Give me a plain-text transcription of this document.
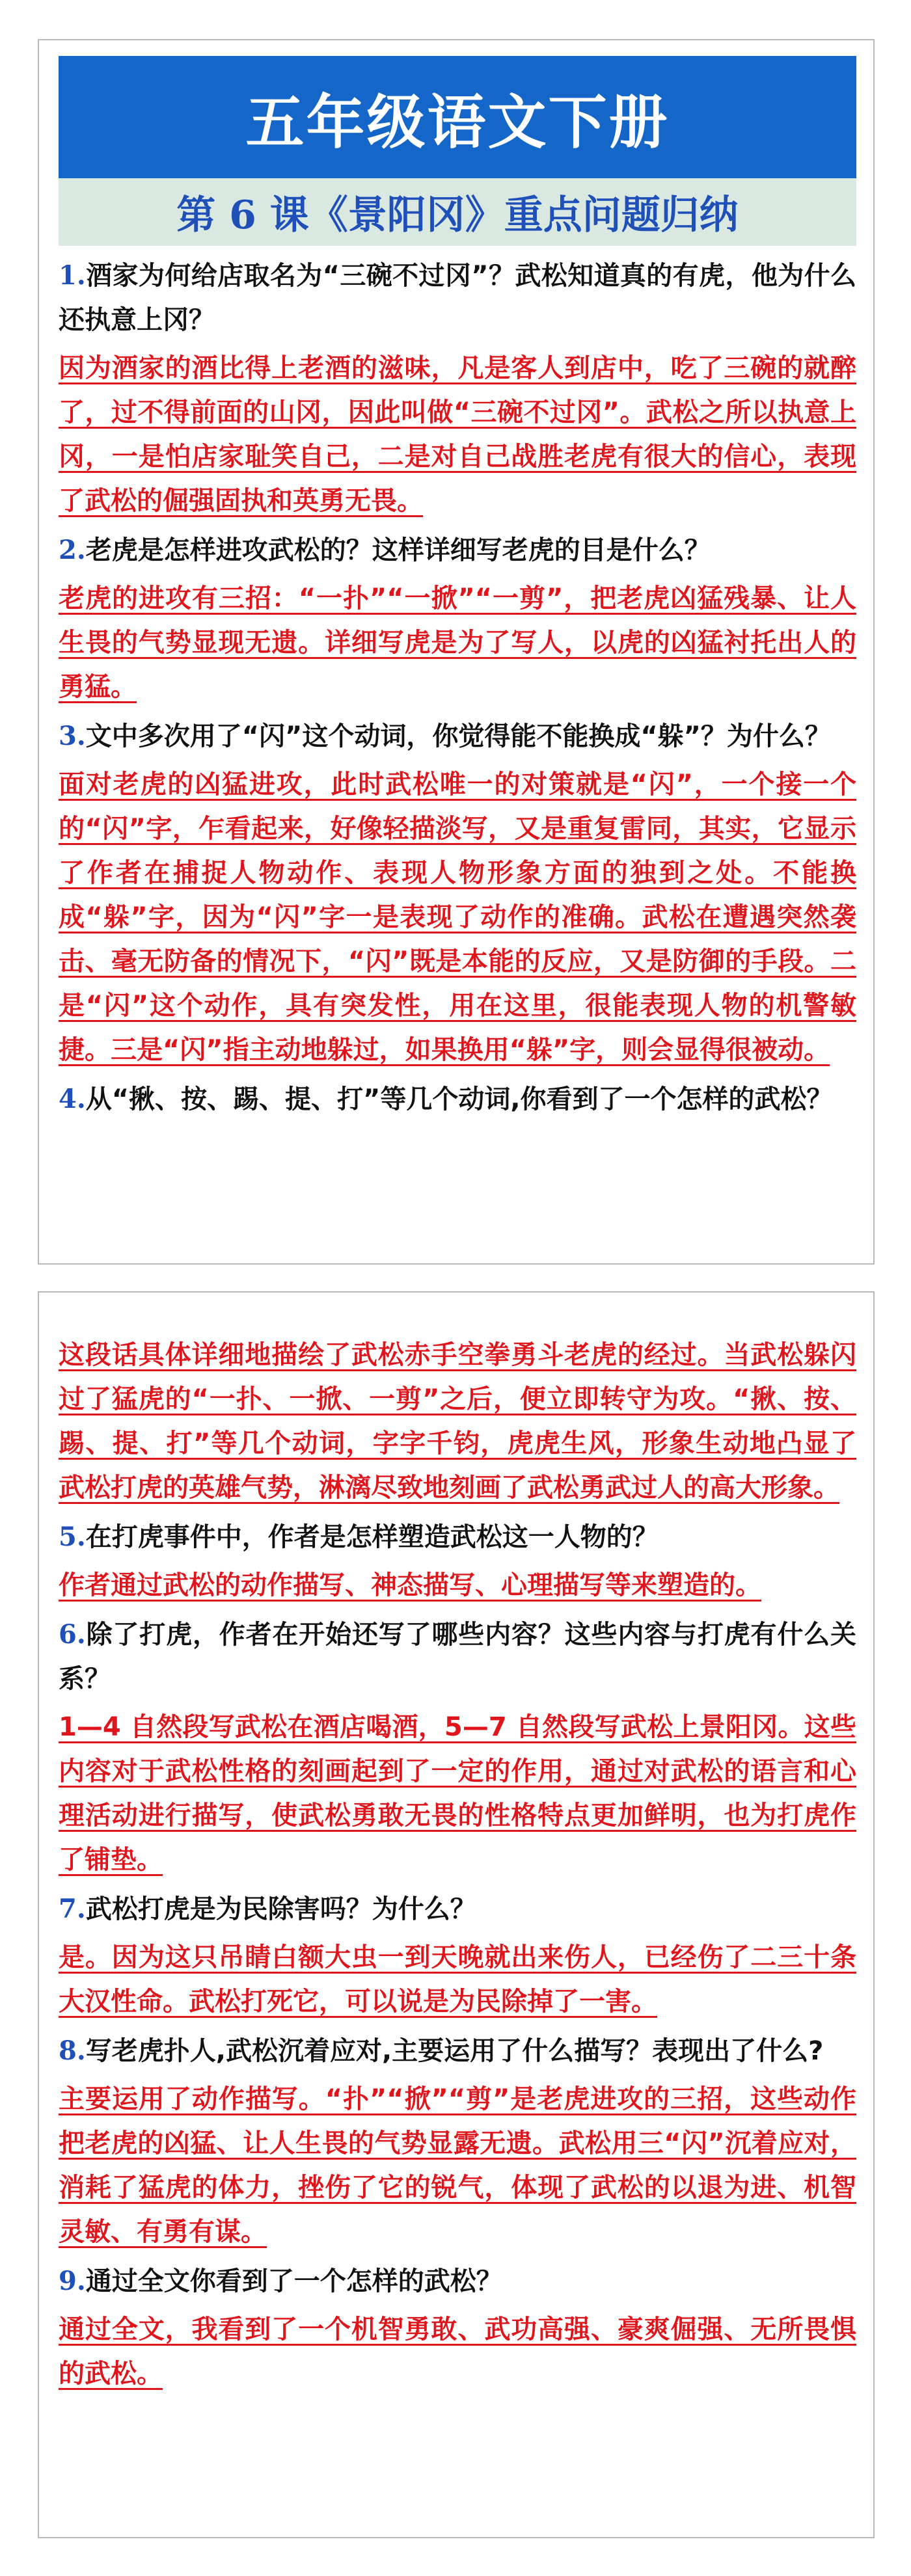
五年级语文下册
第 6 课《景阳冈》重点问题归纳

1.酒家为何给店取名为“三碗不过冈”？武松知道真的有虎，他为什么还执意上冈？

因为酒家的酒比得上老酒的滋味，凡是客人到店中，吃了三碗的就醉了，过不得前面的山冈，因此叫做“三碗不过冈”。武松之所以执意上冈，一是怕店家耻笑自己，二是对自己战胜老虎有很大的信心，表现了武松的倔强固执和英勇无畏。

2.老虎是怎样进攻武松的？这样详细写老虎的目是什么？

老虎的进攻有三招：“一扑”“一掀”“一剪”，把老虎凶猛残暴、让人生畏的气势显现无遗。详细写虎是为了写人，以虎的凶猛衬托出人的勇猛。

3.文中多次用了“闪”这个动词，你觉得能不能换成“躲”？为什么？

面对老虎的凶猛进攻，此时武松唯一的对策就是“闪”，一个接一个的“闪”字，乍看起来，好像轻描淡写，又是重复雷同，其实，它显示了作者在捕捉人物动作、表现人物形象方面的独到之处。不能换成“躲”字，因为“闪”字一是表现了动作的准确。武松在遭遇突然袭击、毫无防备的情况下，“闪”既是本能的反应，又是防御的手段。二是“闪”这个动作，具有突发性，用在这里，很能表现人物的机警敏捷。三是“闪”指主动地躲过，如果换用“躲”字，则会显得很被动。

4.从“揪、按、踢、提、打”等几个动词,你看到了一个怎样的武松？

这段话具体详细地描绘了武松赤手空拳勇斗老虎的经过。当武松躲闪过了猛虎的“一扑、一掀、一剪”之后，便立即转守为攻。“揪、按、踢、提、打”等几个动词，字字千钧，虎虎生风，形象生动地凸显了武松打虎的英雄气势，淋漓尽致地刻画了武松勇武过人的高大形象。

5.在打虎事件中，作者是怎样塑造武松这一人物的？

作者通过武松的动作描写、神态描写、心理描写等来塑造的。

6.除了打虎，作者在开始还写了哪些内容？这些内容与打虎有什么关系？

1—4 自然段写武松在酒店喝酒，5—7 自然段写武松上景阳冈。这些内容对于武松性格的刻画起到了一定的作用，通过对武松的语言和心理活动进行描写，使武松勇敢无畏的性格特点更加鲜明，也为打虎作了铺垫。

7.武松打虎是为民除害吗？为什么？

是。因为这只吊睛白额大虫一到天晚就出来伤人，已经伤了二三十条大汉性命。武松打死它，可以说是为民除掉了一害。

8.写老虎扑人,武松沉着应对,主要运用了什么描写？表现出了什么?

主要运用了动作描写。“扑”“掀”“剪”是老虎进攻的三招，这些动作把老虎的凶猛、让人生畏的气势显露无遗。武松用三“闪”沉着应对，消耗了猛虎的体力，挫伤了它的锐气，体现了武松的以退为进、机智灵敏、有勇有谋。

9.通过全文你看到了一个怎样的武松？

通过全文，我看到了一个机智勇敢、武功高强、豪爽倔强、无所畏惧的武松。
